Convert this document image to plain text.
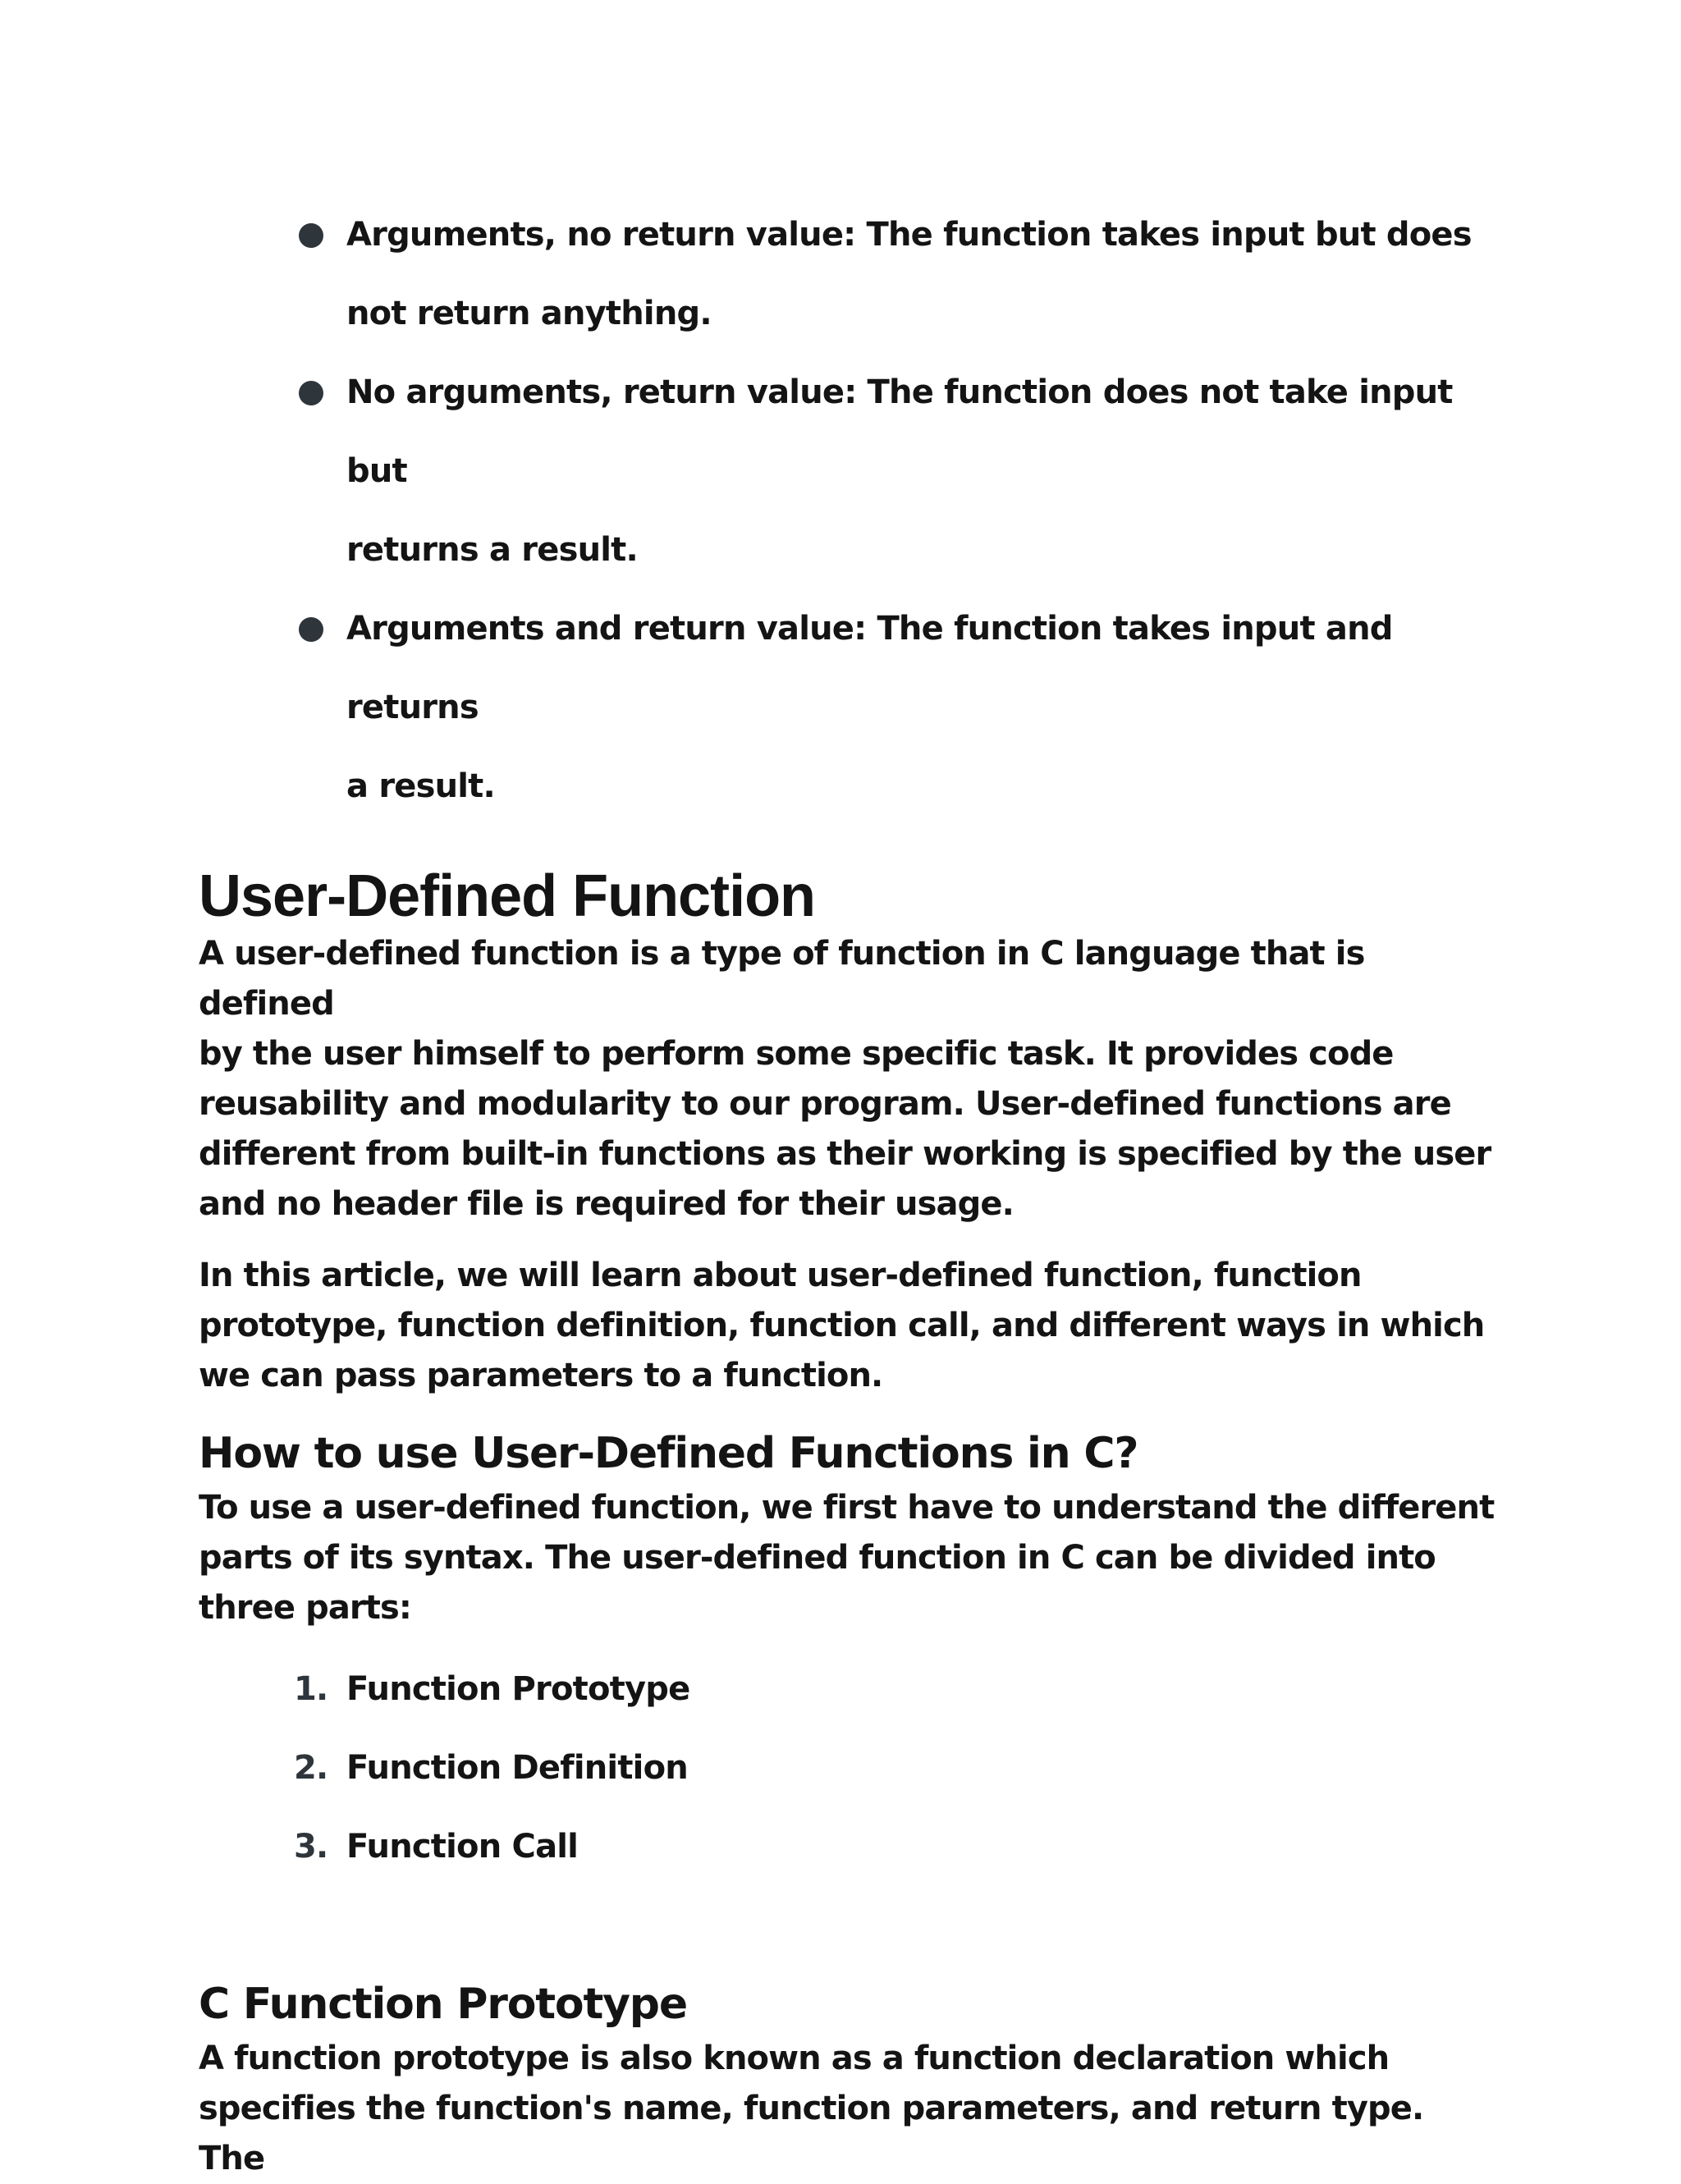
Arguments, no return value: The function takes input but does
not return anything.
No arguments, return value: The function does not take input but
returns a result.
Arguments and return value: The function takes input and returns
a result.
User-Defined Function

A user-defined function is a type of function in C language that is defined
by the user himself to perform some specific task. It provides code
reusability and modularity to our program. User-defined functions are
different from built-in functions as their working is specified by the user
and no header file is required for their usage.

In this article, we will learn about user-defined function, function
prototype, function definition, function call, and different ways in which
we can pass parameters to a function.

How to use User-Defined Functions in C?

To use a user-defined function, we first have to understand the different
parts of its syntax. The user-defined function in C can be divided into
three parts:

1. Function Prototype
2. Function Definition
3. Function Call
C Function Prototype

A function prototype is also known as a function declaration which
specifies the function's name, function parameters, and return type. The
